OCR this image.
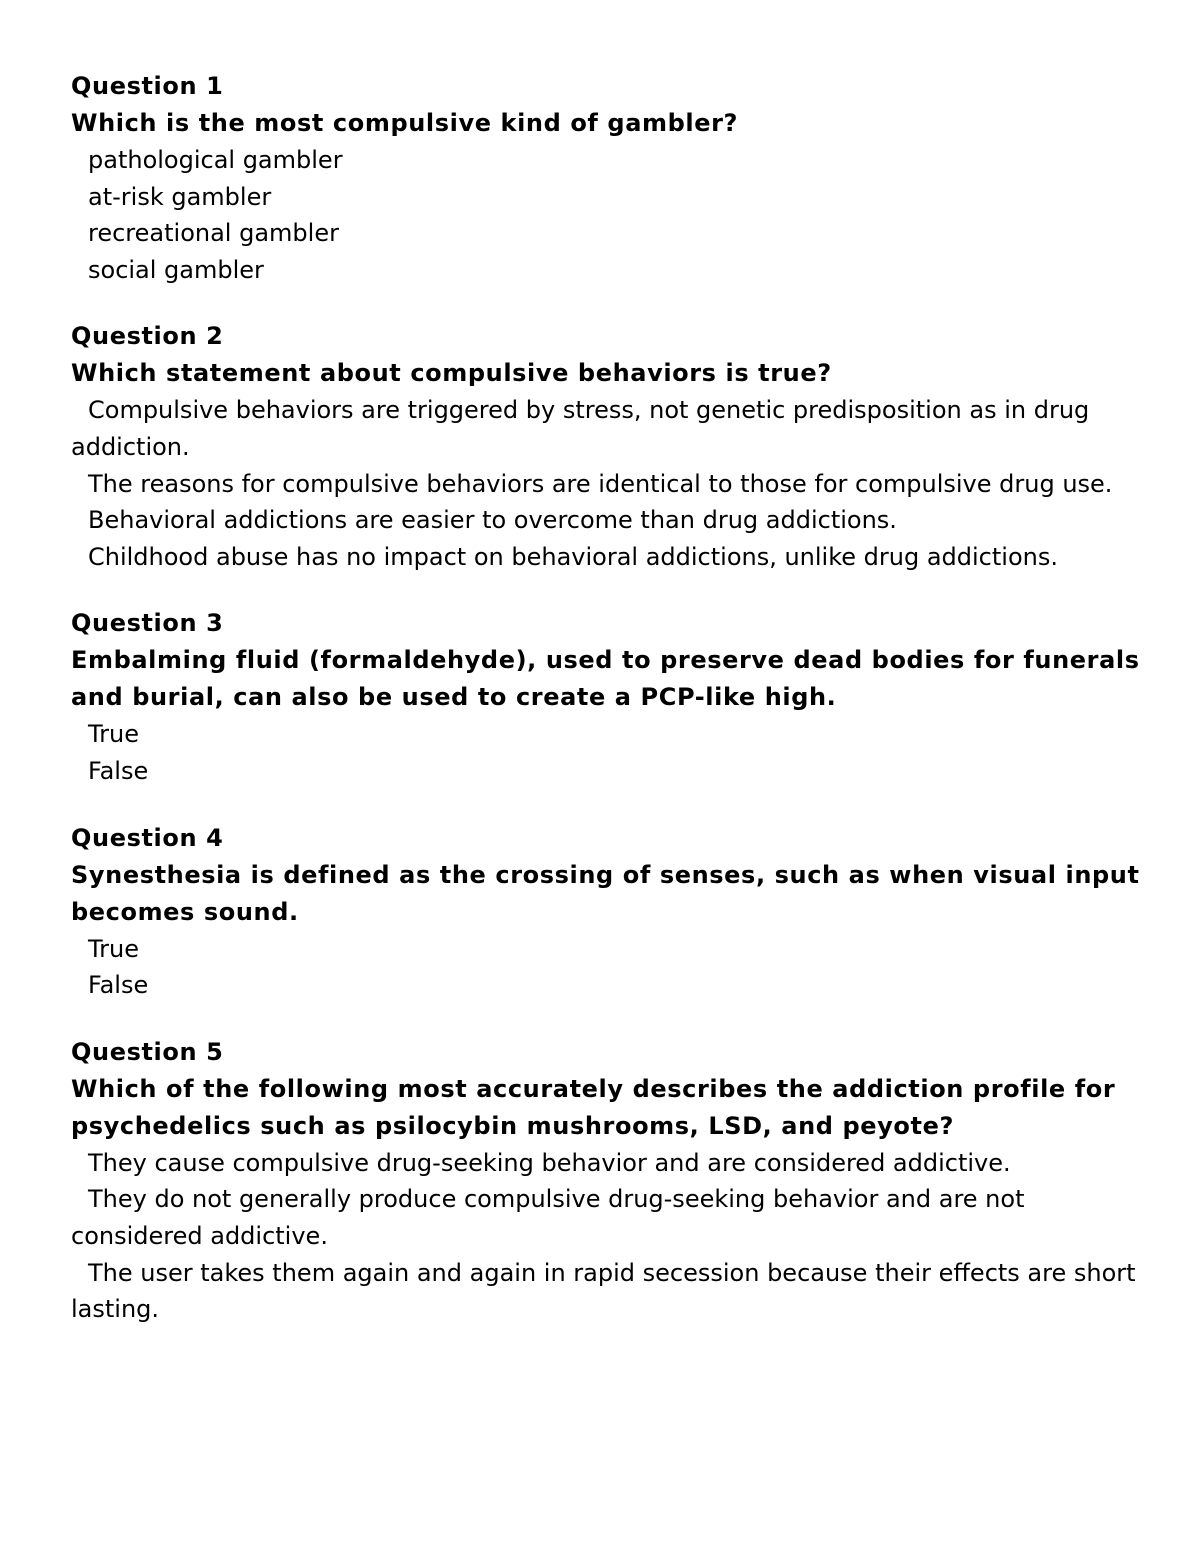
Question 1

Which is the most compulsive kind of gambler?

pathological gambler
at-risk gambler
recreational gambler
social gambler

Question 2

Which statement about compulsive behaviors is true?

Compulsive behaviors are triggered by stress, not genetic predisposition as in drug addiction.
The reasons for compulsive behaviors are identical to those for compulsive drug use.
Behavioral addictions are easier to overcome than drug addictions.
Childhood abuse has no impact on behavioral addictions, unlike drug addictions.

Question 3

Embalming fluid (formaldehyde), used to preserve dead bodies for funerals and burial, can also be used to create a PCP-like high.

True
False

Question 4

Synesthesia is defined as the crossing of senses, such as when visual input becomes sound.

True
False

Question 5

Which of the following most accurately describes the addiction profile for psychedelics such as psilocybin mushrooms, LSD, and peyote?

They cause compulsive drug-seeking behavior and are considered addictive.
They do not generally produce compulsive drug-seeking behavior and are not considered addictive.
The user takes them again and again in rapid secession because their effects are short lasting.
